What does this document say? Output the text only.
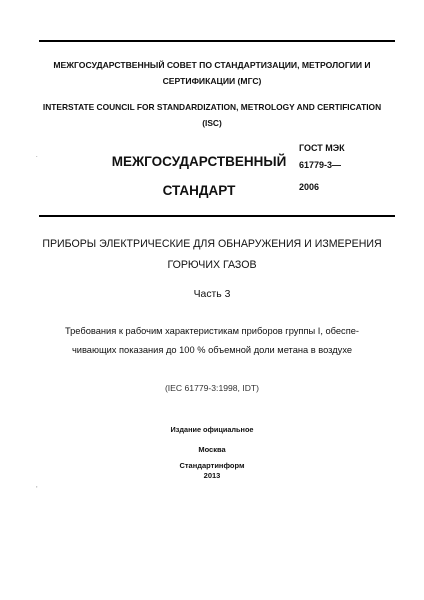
МЕЖГОСУДАРСТВЕННЫЙ СОВЕТ ПО СТАНДАРТИЗАЦИИ, МЕТРОЛОГИИ И
СЕРТИФИКАЦИИ (МГС)
INTERSTATE COUNCIL FOR STANDARDIZATION, METROLOGY AND CERTIFICATION
(ISC)
.	МЕЖГОСУДАРСТВЕННЫЙ
СТАНДАРТ
ГОСТ МЭК
61779-3—
2006
ПРИБОРЫ ЭЛЕКТРИЧЕСКИЕ ДЛЯ ОБНАРУЖЕНИЯ И ИЗМЕРЕНИЯ
ГОРЮЧИХ ГАЗОВ
Часть 3
Требования к рабочим характеристикам приборов группы I, обеспе-
чивающих показания до 100 % объемной доли метана в воздухе
(IEC 61779-3:1998, IDT)
Издание официальное
Москва
Стандартинформ
2013
,
